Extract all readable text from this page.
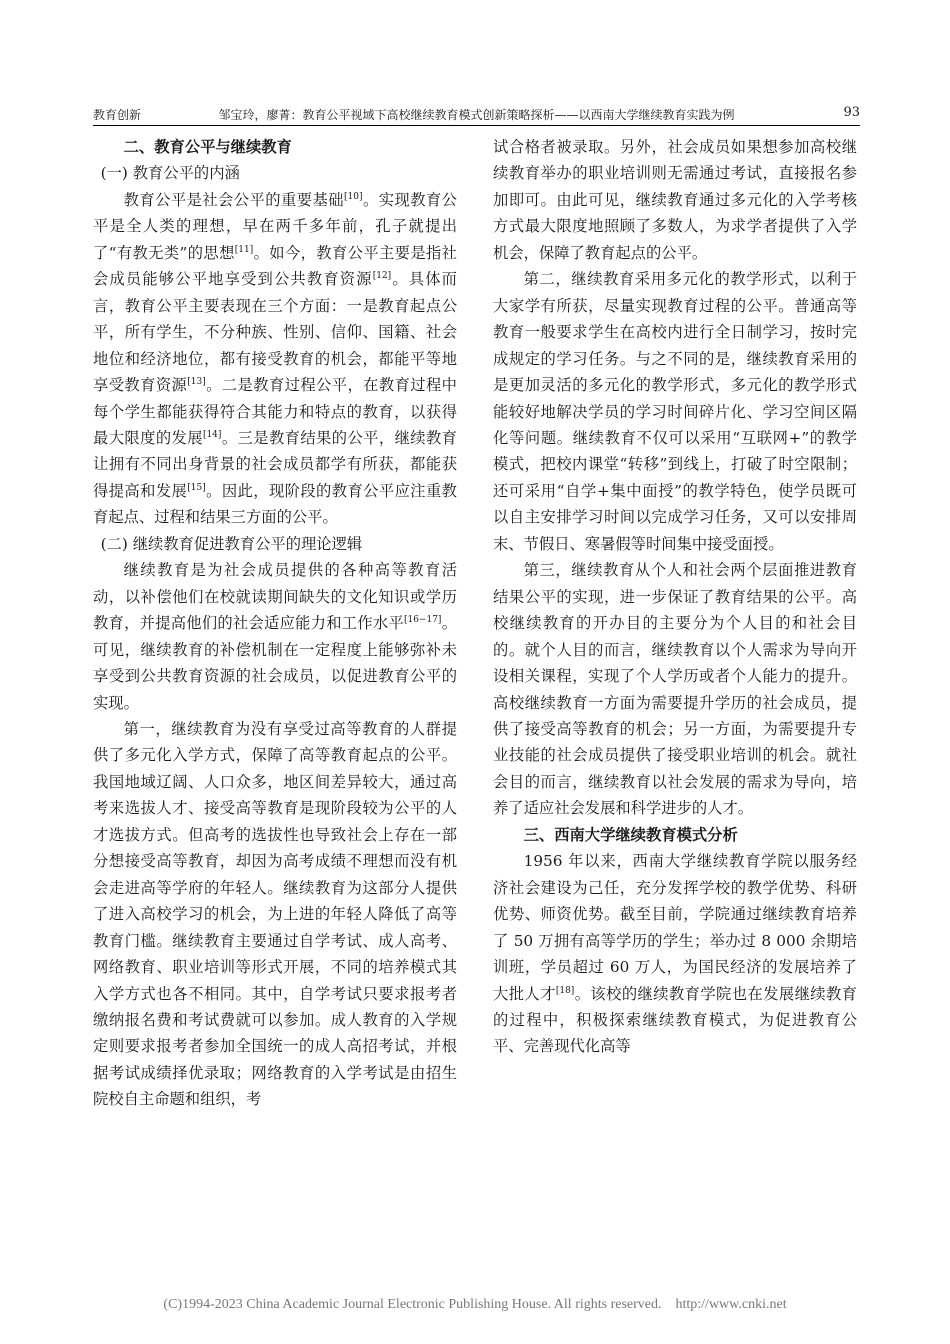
教育创新	邹宝玲，廖菁：教育公平视域下高校继续教育模式创新策略探析——以西南大学继续教育实践为例	93

二、教育公平与继续教育

(一) 教育公平的内涵

教育公平是社会公平的重要基础[10]。实现教育公平是全人类的理想，早在两千多年前，孔子就提出了“有教无类”的思想[11]。如今，教育公平主要是指社会成员能够公平地享受到公共教育资源[12]。具体而言，教育公平主要表现在三个方面：一是教育起点公平，所有学生，不分种族、性别、信仰、国籍、社会地位和经济地位，都有接受教育的机会，都能平等地享受教育资源[13]。二是教育过程公平，在教育过程中每个学生都能获得符合其能力和特点的教育，以获得最大限度的发展[14]。三是教育结果的公平，继续教育让拥有不同出身背景的社会成员都学有所获，都能获得提高和发展[15]。因此，现阶段的教育公平应注重教育起点、过程和结果三方面的公平。

(二) 继续教育促进教育公平的理论逻辑

继续教育是为社会成员提供的各种高等教育活动，以补偿他们在校就读期间缺失的文化知识或学历教育，并提高他们的社会适应能力和工作水平[16−17]。可见，继续教育的补偿机制在一定程度上能够弥补未享受到公共教育资源的社会成员，以促进教育公平的实现。

第一，继续教育为没有享受过高等教育的人群提供了多元化入学方式，保障了高等教育起点的公平。我国地域辽阔、人口众多，地区间差异较大，通过高考来选拔人才、接受高等教育是现阶段较为公平的人才选拔方式。但高考的选拔性也导致社会上存在一部分想接受高等教育，却因为高考成绩不理想而没有机会走进高等学府的年轻人。继续教育为这部分人提供了进入高校学习的机会，为上进的年轻人降低了高等教育门槛。继续教育主要通过自学考试、成人高考、网络教育、职业培训等形式开展，不同的培养模式其入学方式也各不相同。其中，自学考试只要求报考者缴纳报名费和考试费就可以参加。成人教育的入学规定则要求报考者参加全国统一的成人高招考试，并根据考试成绩择优录取；网络教育的入学考试是由招生院校自主命题和组织，考

试合格者被录取。另外，社会成员如果想参加高校继续教育举办的职业培训则无需通过考试，直接报名参加即可。由此可见，继续教育通过多元化的入学考核方式最大限度地照顾了多数人，为求学者提供了入学机会，保障了教育起点的公平。

第二，继续教育采用多元化的教学形式，以利于大家学有所获，尽量实现教育过程的公平。普通高等教育一般要求学生在高校内进行全日制学习，按时完成规定的学习任务。与之不同的是，继续教育采用的是更加灵活的多元化的教学形式，多元化的教学形式能较好地解决学员的学习时间碎片化、学习空间区隔化等问题。继续教育不仅可以采用“互联网+”的教学模式，把校内课堂“转移”到线上，打破了时空限制；还可采用“自学+集中面授”的教学特色，使学员既可以自主安排学习时间以完成学习任务，又可以安排周末、节假日、寒暑假等时间集中接受面授。

第三，继续教育从个人和社会两个层面推进教育结果公平的实现，进一步保证了教育结果的公平。高校继续教育的开办目的主要分为个人目的和社会目的。就个人目的而言，继续教育以个人需求为导向开设相关课程，实现了个人学历或者个人能力的提升。高校继续教育一方面为需要提升学历的社会成员，提供了接受高等教育的机会；另一方面，为需要提升专业技能的社会成员提供了接受职业培训的机会。就社会目的而言，继续教育以社会发展的需求为导向，培养了适应社会发展和科学进步的人才。

三、西南大学继续教育模式分析

1956 年以来，西南大学继续教育学院以服务经济社会建设为己任，充分发挥学校的教学优势、科研优势、师资优势。截至目前，学院通过继续教育培养了 50 万拥有高等学历的学生；举办过 8 000 余期培训班，学员超过 60 万人，为国民经济的发展培养了大批人才[18]。该校的继续教育学院也在发展继续教育的过程中，积极探索继续教育模式，为促进教育公平、完善现代化高等

(C)1994-2023 China Academic Journal Electronic Publishing House. All rights reserved. http://www.cnki.net
